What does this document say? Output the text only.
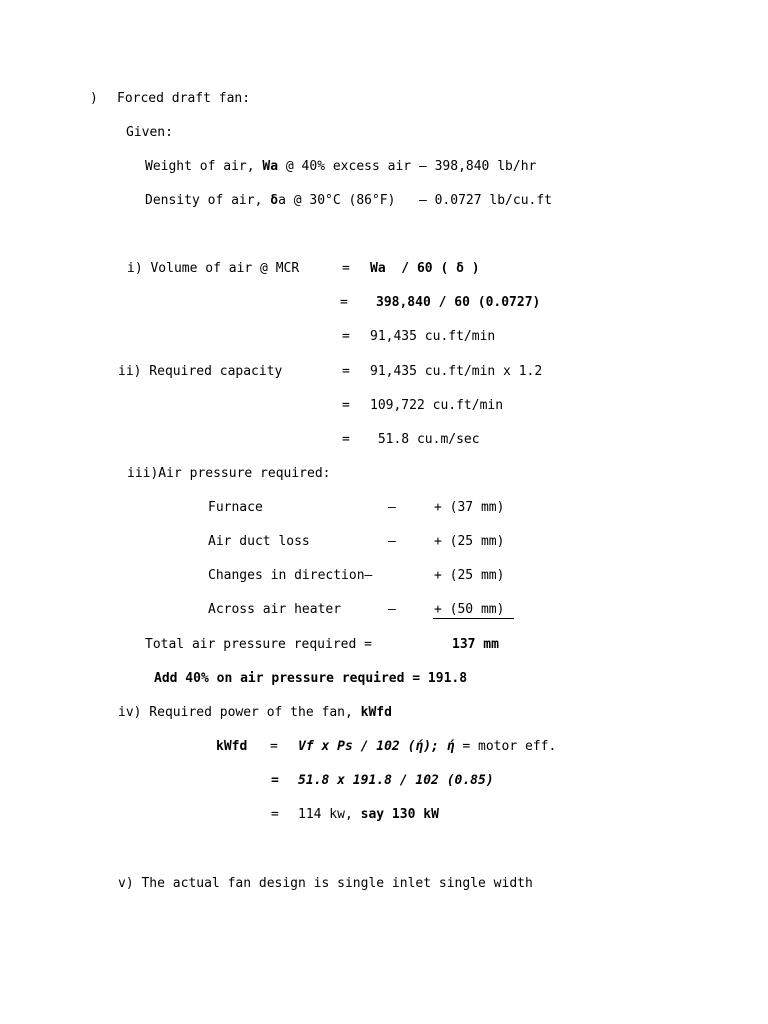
) Forced draft fan:

Given:

Weight of air, Wa @ 40% excess air – 398,840 lb/hr

Density of air, δa @ 30°C (86°F)   – 0.0727 lb/cu.ft

i) Volume of air @ MCR	= Wa  / 60 ( δ )

= 398,840 / 60 (0.0727)

= 91,435 cu.ft/min

ii) Required capacity	= 91,435 cu.ft/min x 1.2

= 109,722 cu.ft/min

= 51.8 cu.m/sec

iii)Air pressure required:

Furnace	–	+ (37 mm)

Air duct loss	–	+ (25 mm)

Changes in direction–	+ (25 mm)

Across air heater	–	+ (50 mm)

Total air pressure required =	137 mm

Add 40% on air pressure required = 191.8

iv) Required power of the fan, kWfd

kWfd = Vf x Ps / 102 (ή); ή = motor eff.

= 51.8 x 191.8 / 102 (0.85)

= 114 kw, say 130 kW

v) The actual fan design is single inlet single width
